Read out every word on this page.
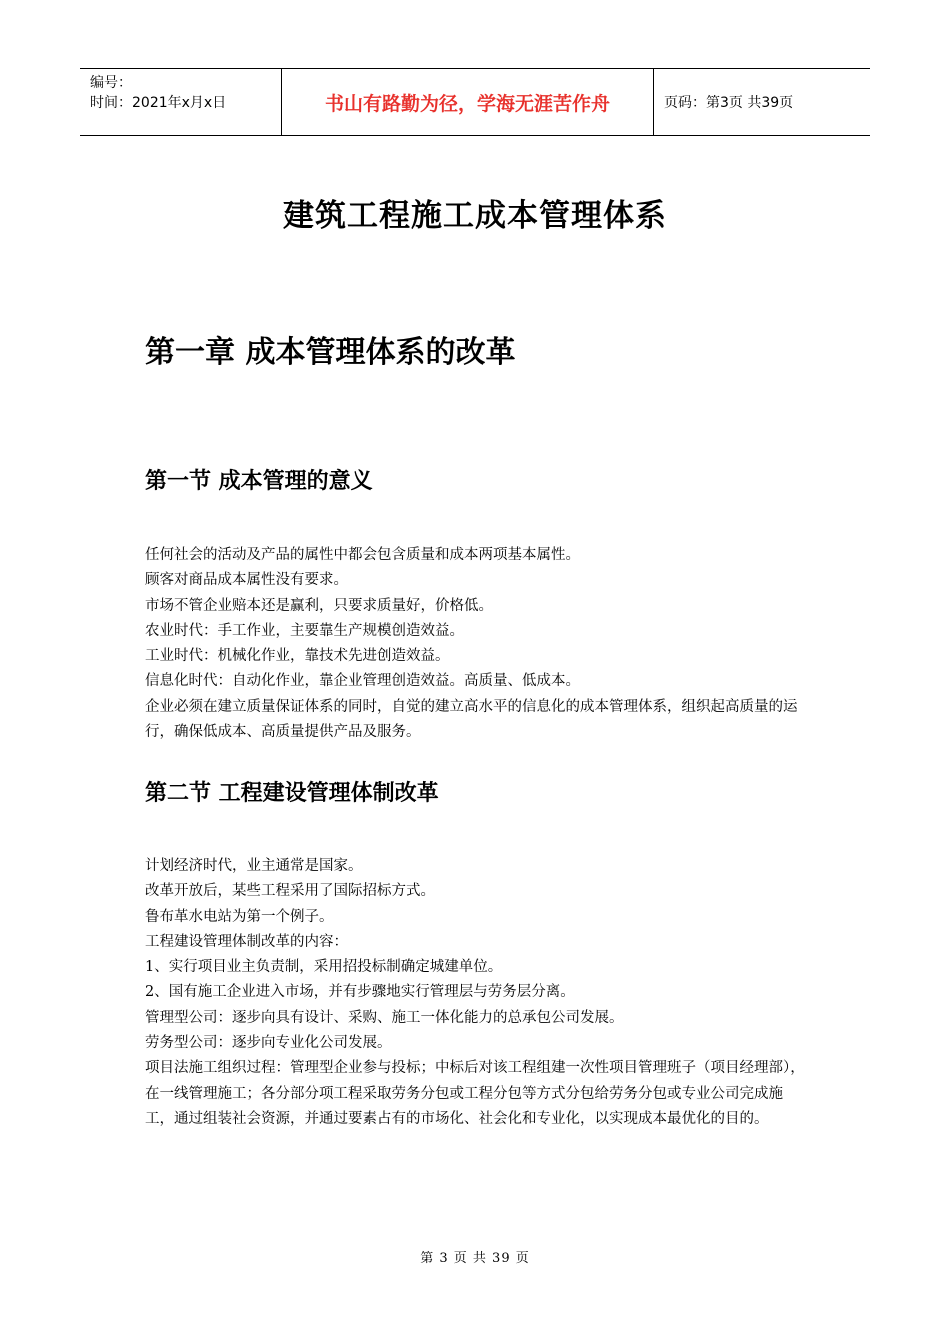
编号：
时间：2021年x月x日	书山有路勤为径，学海无涯苦作舟	页码：第3页 共39页
建筑工程施工成本管理体系
第一章 成本管理体系的改革
第一节 成本管理的意义

任何社会的活动及产品的属性中都会包含质量和成本两项基本属性。

顾客对商品成本属性没有要求。

市场不管企业赔本还是赢利，只要求质量好，价格低。

农业时代：手工作业，主要靠生产规模创造效益。

工业时代：机械化作业，靠技术先进创造效益。

信息化时代：自动化作业，靠企业管理创造效益。高质量、低成本。

企业必须在建立质量保证体系的同时，自觉的建立高水平的信息化的成本管理体系，组织起高质量的运行，确保低成本、高质量提供产品及服务。

第二节 工程建设管理体制改革

计划经济时代，业主通常是国家。

改革开放后，某些工程采用了国际招标方式。

鲁布革水电站为第一个例子。

工程建设管理体制改革的内容：

1、实行项目业主负责制，采用招投标制确定城建单位。

2、国有施工企业进入市场，并有步骤地实行管理层与劳务层分离。

管理型公司：逐步向具有设计、采购、施工一体化能力的总承包公司发展。

劳务型公司：逐步向专业化公司发展。

项目法施工组织过程：管理型企业参与投标；中标后对该工程组建一次性项目管理班子（项目经理部），在一线管理施工；各分部分项工程采取劳务分包或工程分包等方式分包给劳务分包或专业公司完成施工，通过组装社会资源，并通过要素占有的市场化、社会化和专业化，以实现成本最优化的目的。

第 3 页 共 39 页
